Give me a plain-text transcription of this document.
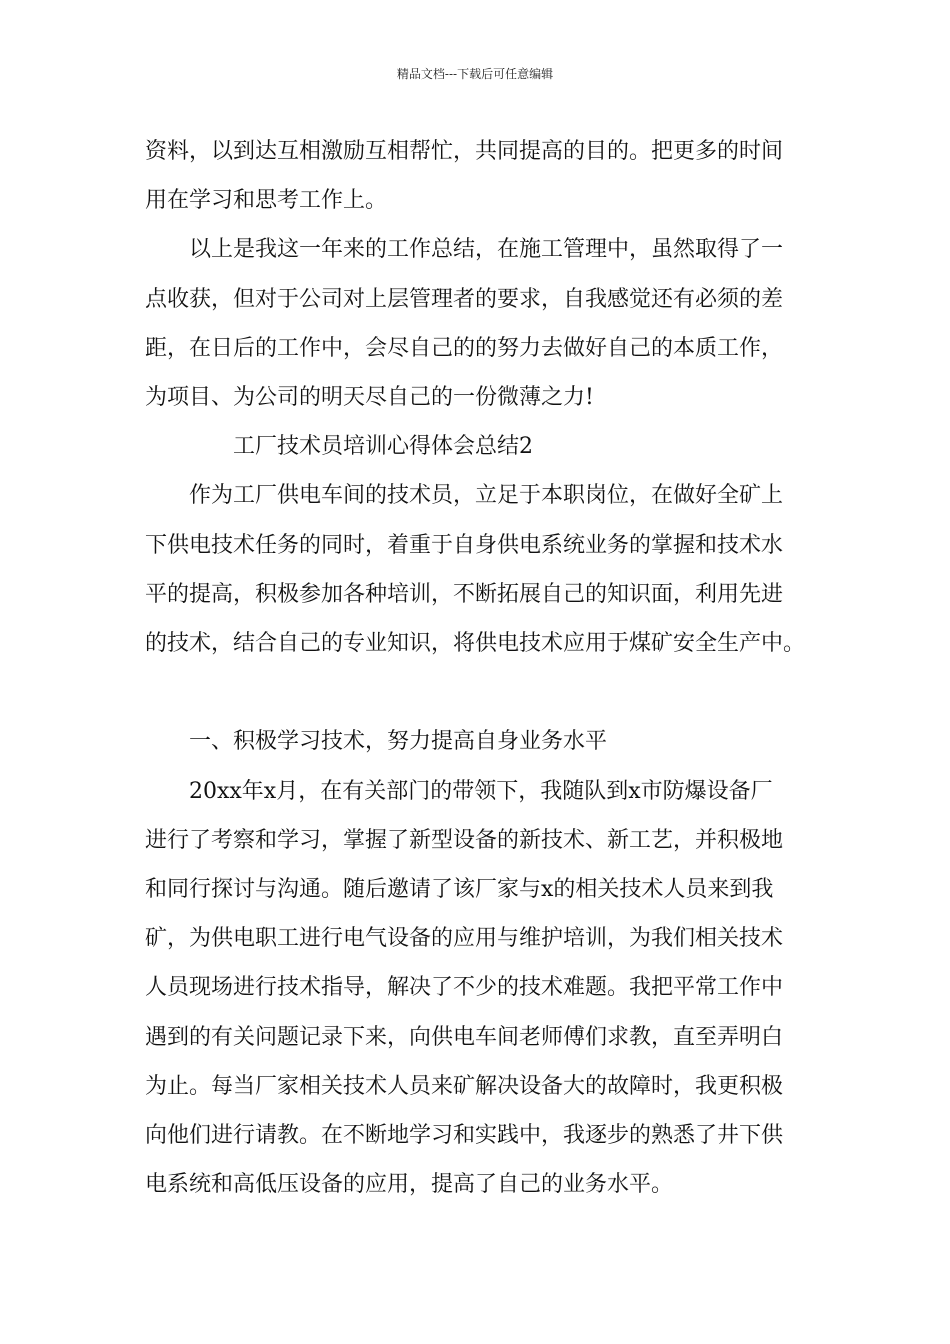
精品文档---下载后可任意编辑

资料，以到达互相激励互相帮忙，共同提高的目的。把更多的时间

用在学习和思考工作上。

以上是我这一年来的工作总结，在施工管理中，虽然取得了一

点收获，但对于公司对上层管理者的要求，自我感觉还有必须的差

距，在日后的工作中，会尽自己的的努力去做好自己的本质工作，

为项目、为公司的明天尽自己的一份微薄之力!

工厂技术员培训心得体会总结2

作为工厂供电车间的技术员，立足于本职岗位，在做好全矿上

下供电技术任务的同时，着重于自身供电系统业务的掌握和技术水

平的提高，积极参加各种培训，不断拓展自己的知识面，利用先进

的技术，结合自己的专业知识，将供电技术应用于煤矿安全生产中。

一、积极学习技术，努力提高自身业务水平

20xx年x月，在有关部门的带领下，我随队到x市防爆设备厂

进行了考察和学习，掌握了新型设备的新技术、新工艺，并积极地

和同行探讨与沟通。随后邀请了该厂家与x的相关技术人员来到我

矿，为供电职工进行电气设备的应用与维护培训，为我们相关技术

人员现场进行技术指导，解决了不少的技术难题。我把平常工作中

遇到的有关问题记录下来，向供电车间老师傅们求教，直至弄明白

为止。每当厂家相关技术人员来矿解决设备大的故障时，我更积极

向他们进行请教。在不断地学习和实践中，我逐步的熟悉了井下供

电系统和高低压设备的应用，提高了自己的业务水平。
